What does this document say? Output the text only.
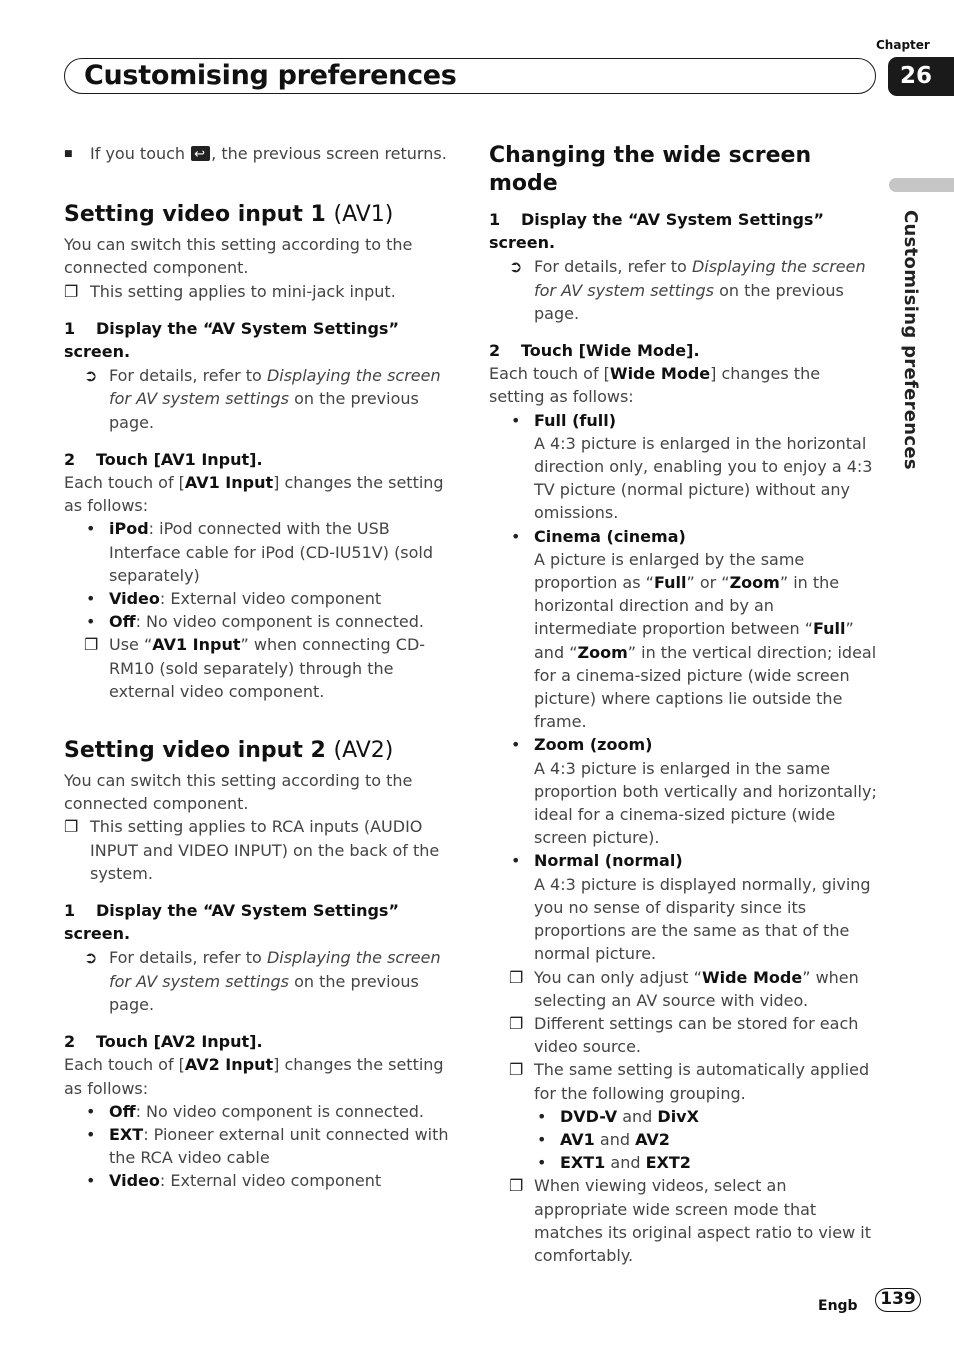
Customising preferences
Chapter
26
Customising preferences
■ If you touch ↩ , the previous screen returns.
Setting video input 1 (AV1)
You can switch this setting according to the connected component.
❐ This setting applies to mini-jack input.
1 Display the “AV System Settings” screen.
➲ For details, refer to Displaying the screen for AV system settings on the previous page.
2 Touch [AV1 Input].
Each touch of [AV1 Input] changes the setting as follows:
• iPod: iPod connected with the USB Interface cable for iPod (CD-IU51V) (sold separately)
• Video: External video component
• Off: No video component is connected.
❐ Use “AV1 Input” when connecting CD-RM10 (sold separately) through the external video component.
Setting video input 2 (AV2)
You can switch this setting according to the connected component.
❐ This setting applies to RCA inputs (AUDIO INPUT and VIDEO INPUT) on the back of the system.
1 Display the “AV System Settings” screen.
➲ For details, refer to Displaying the screen for AV system settings on the previous page.
2 Touch [AV2 Input].
Each touch of [AV2 Input] changes the setting as follows:
• Off: No video component is connected.
• EXT: Pioneer external unit connected with the RCA video cable
• Video: External video component
Changing the wide screen mode
1 Display the “AV System Settings” screen.
➲ For details, refer to Displaying the screen for AV system settings on the previous page.
2 Touch [Wide Mode].
Each touch of [Wide Mode] changes the setting as follows:
• Full (full)
A 4:3 picture is enlarged in the horizontal direction only, enabling you to enjoy a 4:3 TV picture (normal picture) without any omissions.
• Cinema (cinema)
A picture is enlarged by the same proportion as “Full” or “Zoom” in the horizontal direction and by an intermediate proportion between “Full” and “Zoom” in the vertical direction; ideal for a cinema-sized picture (wide screen picture) where captions lie outside the frame.
• Zoom (zoom)
A 4:3 picture is enlarged in the same proportion both vertically and horizontally; ideal for a cinema-sized picture (wide screen picture).
• Normal (normal)
A 4:3 picture is displayed normally, giving you no sense of disparity since its proportions are the same as that of the normal picture.
❐ You can only adjust “Wide Mode” when selecting an AV source with video.
❐ Different settings can be stored for each video source.
❐ The same setting is automatically applied for the following grouping.
• DVD-V and DivX
• AV1 and AV2
• EXT1 and EXT2
❐ When viewing videos, select an appropriate wide screen mode that matches its original aspect ratio to view it comfortably.
Engb	139
